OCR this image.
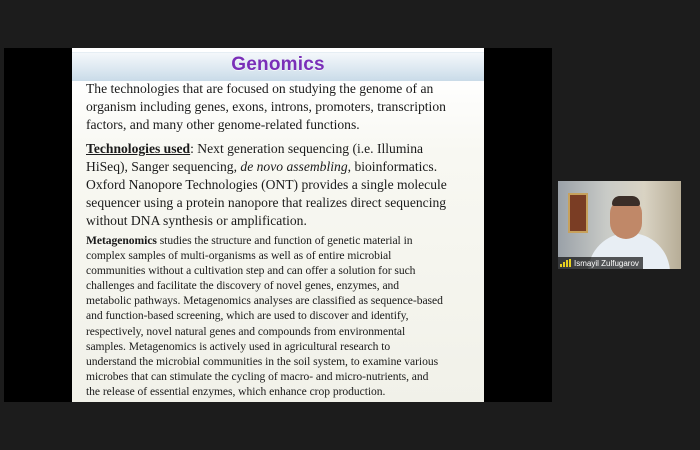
Genomics

The technologies that are focused on studying the genome of an
organism including genes, exons, introns, promoters, transcription
factors, and many other genome-related functions.

Technologies used: Next generation sequencing (i.e. Illumina
HiSeq), Sanger sequencing, de novo assembling, bioinformatics.
Oxford Nanopore Technologies (ONT) provides a single molecule
sequencer using a protein nanopore that realizes direct sequencing
without DNA synthesis or amplification.

Metagenomics studies the structure and function of genetic material in
complex samples of multi-organisms as well as of entire microbial
communities without a cultivation step and can offer a solution for such
challenges and facilitate the discovery of novel genes, enzymes, and
metabolic pathways. Metagenomics analyses are classified as sequence-based
and function-based screening, which are used to discover and identify,
respectively, novel natural genes and compounds from environmental
samples. Metagenomics is actively used in agricultural research to
understand the microbial communities in the soil system, to examine various
microbes that can stimulate the cycling of macro- and micro-nutrients, and
the release of essential enzymes, which enhance crop production.

Ismayil Zulfugarov
